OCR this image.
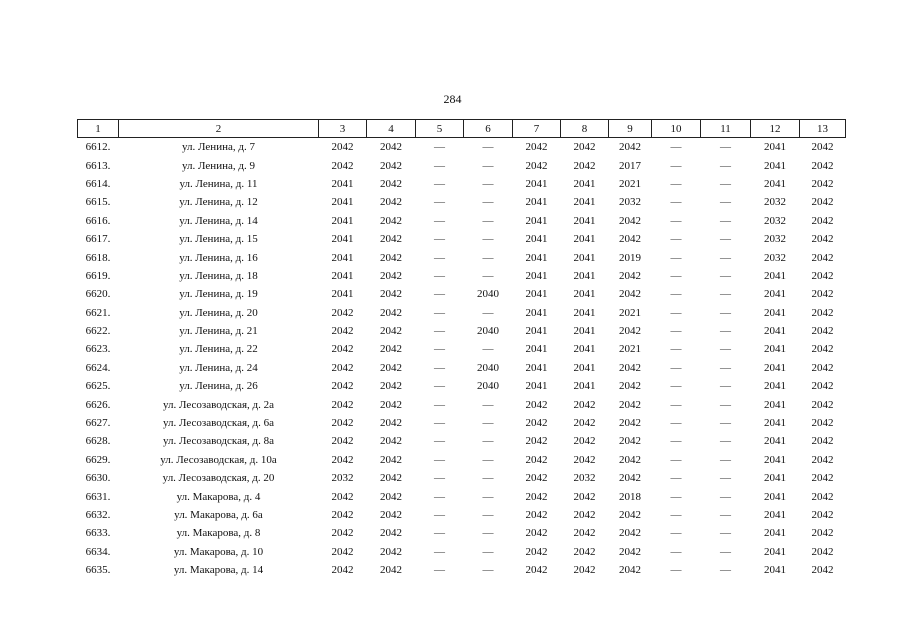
284
1	2	3	4	5	6	7	8	9	10	11	12	13
6612.	ул. Ленина, д. 7	2042	2042	—	—	2042	2042	2042	—	—	2041	2042
6613.	ул. Ленина, д. 9	2042	2042	—	—	2042	2042	2017	—	—	2041	2042
6614.	ул. Ленина, д. 11	2041	2042	—	—	2041	2041	2021	—	—	2041	2042
6615.	ул. Ленина, д. 12	2041	2042	—	—	2041	2041	2032	—	—	2032	2042
6616.	ул. Ленина, д. 14	2041	2042	—	—	2041	2041	2042	—	—	2032	2042
6617.	ул. Ленина, д. 15	2041	2042	—	—	2041	2041	2042	—	—	2032	2042
6618.	ул. Ленина, д. 16	2041	2042	—	—	2041	2041	2019	—	—	2032	2042
6619.	ул. Ленина, д. 18	2041	2042	—	—	2041	2041	2042	—	—	2041	2042
6620.	ул. Ленина, д. 19	2041	2042	—	2040	2041	2041	2042	—	—	2041	2042
6621.	ул. Ленина, д. 20	2042	2042	—	—	2041	2041	2021	—	—	2041	2042
6622.	ул. Ленина, д. 21	2042	2042	—	2040	2041	2041	2042	—	—	2041	2042
6623.	ул. Ленина, д. 22	2042	2042	—	—	2041	2041	2021	—	—	2041	2042
6624.	ул. Ленина, д. 24	2042	2042	—	2040	2041	2041	2042	—	—	2041	2042
6625.	ул. Ленина, д. 26	2042	2042	—	2040	2041	2041	2042	—	—	2041	2042
6626.	ул. Лесозаводская, д. 2а	2042	2042	—	—	2042	2042	2042	—	—	2041	2042
6627.	ул. Лесозаводская, д. 6а	2042	2042	—	—	2042	2042	2042	—	—	2041	2042
6628.	ул. Лесозаводская, д. 8а	2042	2042	—	—	2042	2042	2042	—	—	2041	2042
6629.	ул. Лесозаводская, д. 10а	2042	2042	—	—	2042	2042	2042	—	—	2041	2042
6630.	ул. Лесозаводская, д. 20	2032	2042	—	—	2042	2032	2042	—	—	2041	2042
6631.	ул. Макарова, д. 4	2042	2042	—	—	2042	2042	2018	—	—	2041	2042
6632.	ул. Макарова, д. 6а	2042	2042	—	—	2042	2042	2042	—	—	2041	2042
6633.	ул. Макарова, д. 8	2042	2042	—	—	2042	2042	2042	—	—	2041	2042
6634.	ул. Макарова, д. 10	2042	2042	—	—	2042	2042	2042	—	—	2041	2042
6635.	ул. Макарова, д. 14	2042	2042	—	—	2042	2042	2042	—	—	2041	2042
